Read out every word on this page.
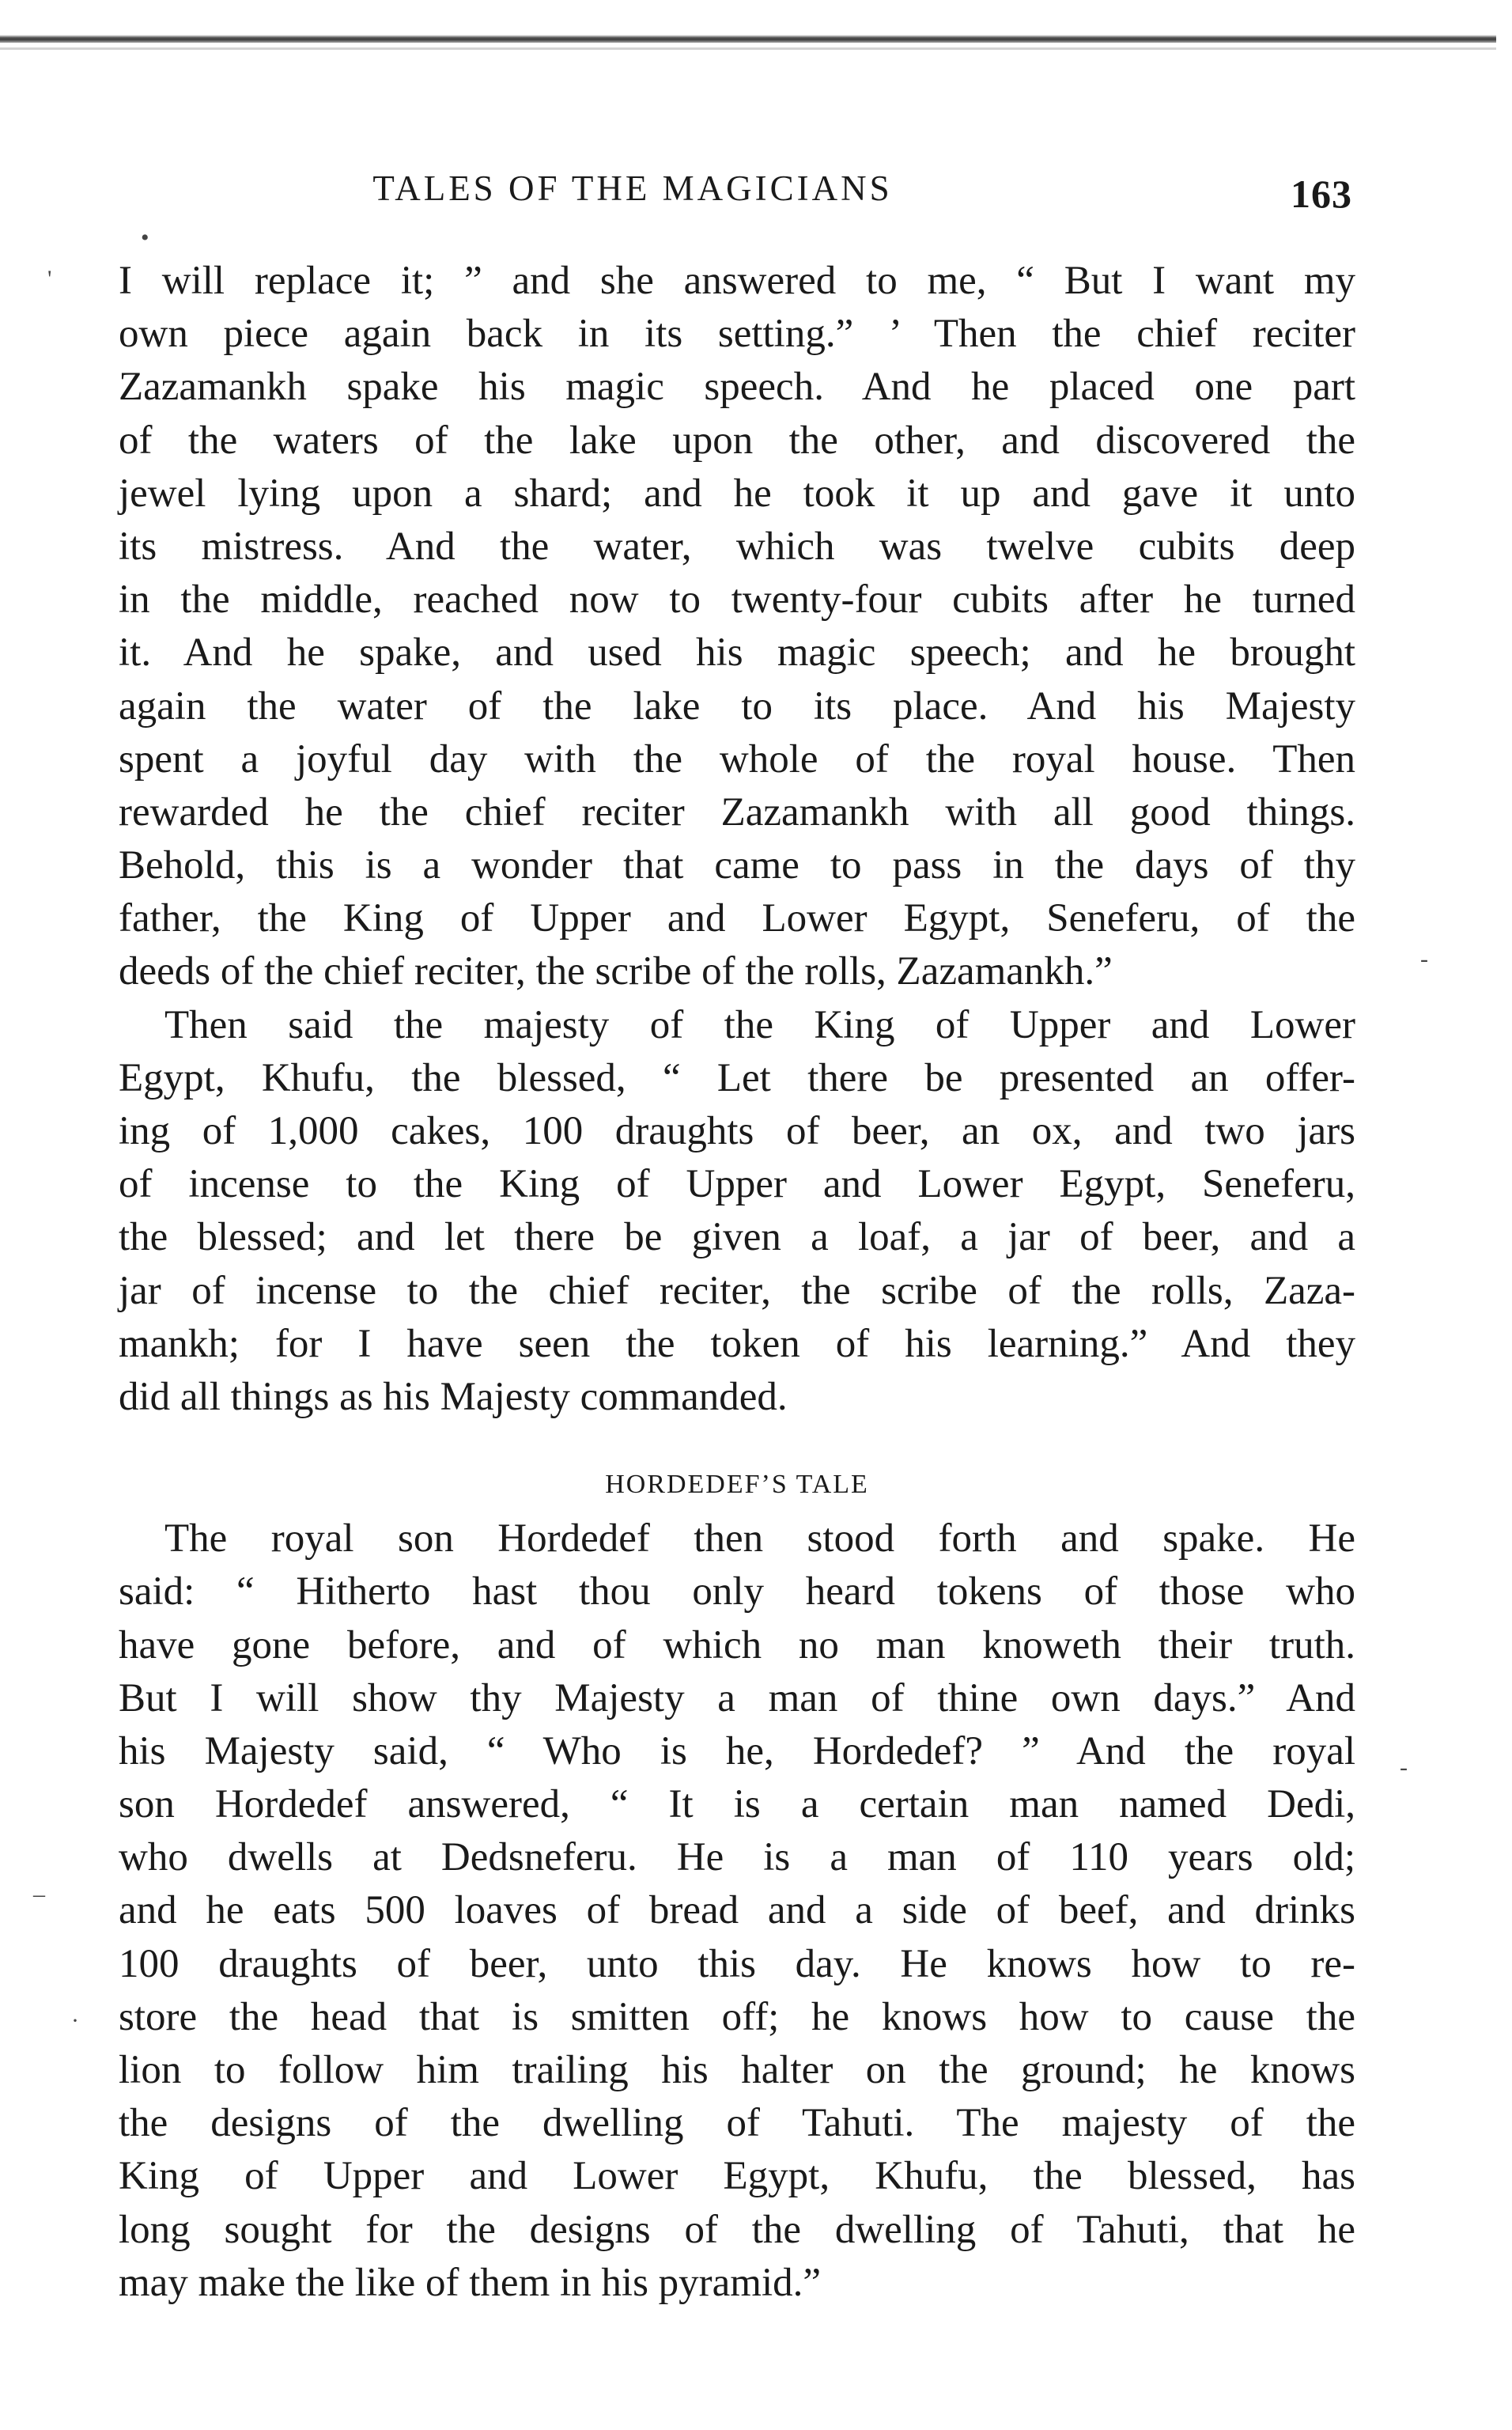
TALES OF THE MAGICIANS	163
•
'
-
-
–
·
I will replace it; ” and she answered to me, “ But I want my
own piece again back in its setting.” ’ Then the chief reciter
Zazamankh spake his magic speech. And he placed one part
of the waters of the lake upon the other, and discovered the
jewel lying upon a shard; and he took it up and gave it unto
its mistress. And the water, which was twelve cubits deep
in the middle, reached now to twenty-four cubits after he turned
it. And he spake, and used his magic speech; and he brought
again the water of the lake to its place. And his Majesty
spent a joyful day with the whole of the royal house. Then
rewarded he the chief reciter Zazamankh with all good things.
Behold, this is a wonder that came to pass in the days of thy
father, the King of Upper and Lower Egypt, Seneferu, of the
deeds of the chief reciter, the scribe of the rolls, Zazamankh.”
Then said the majesty of the King of Upper and Lower
Egypt, Khufu, the blessed, “ Let there be presented an offer-
ing of 1,000 cakes, 100 draughts of beer, an ox, and two jars
of incense to the King of Upper and Lower Egypt, Seneferu,
the blessed; and let there be given a loaf, a jar of beer, and a
jar of incense to the chief reciter, the scribe of the rolls, Zaza-
mankh; for I have seen the token of his learning.” And they
did all things as his Majesty commanded.
HORDEDEF’S TALE
The royal son Hordedef then stood forth and spake. He
said: “ Hitherto hast thou only heard tokens of those who
have gone before, and of which no man knoweth their truth.
But I will show thy Majesty a man of thine own days.” And
his Majesty said, “ Who is he, Hordedef? ” And the royal
son Hordedef answered, “ It is a certain man named Dedi,
who dwells at Dedsneferu. He is a man of 110 years old;
and he eats 500 loaves of bread and a side of beef, and drinks
100 draughts of beer, unto this day. He knows how to re-
store the head that is smitten off; he knows how to cause the
lion to follow him trailing his halter on the ground; he knows
the designs of the dwelling of Tahuti. The majesty of the
King of Upper and Lower Egypt, Khufu, the blessed, has
long sought for the designs of the dwelling of Tahuti, that he
may make the like of them in his pyramid.”
